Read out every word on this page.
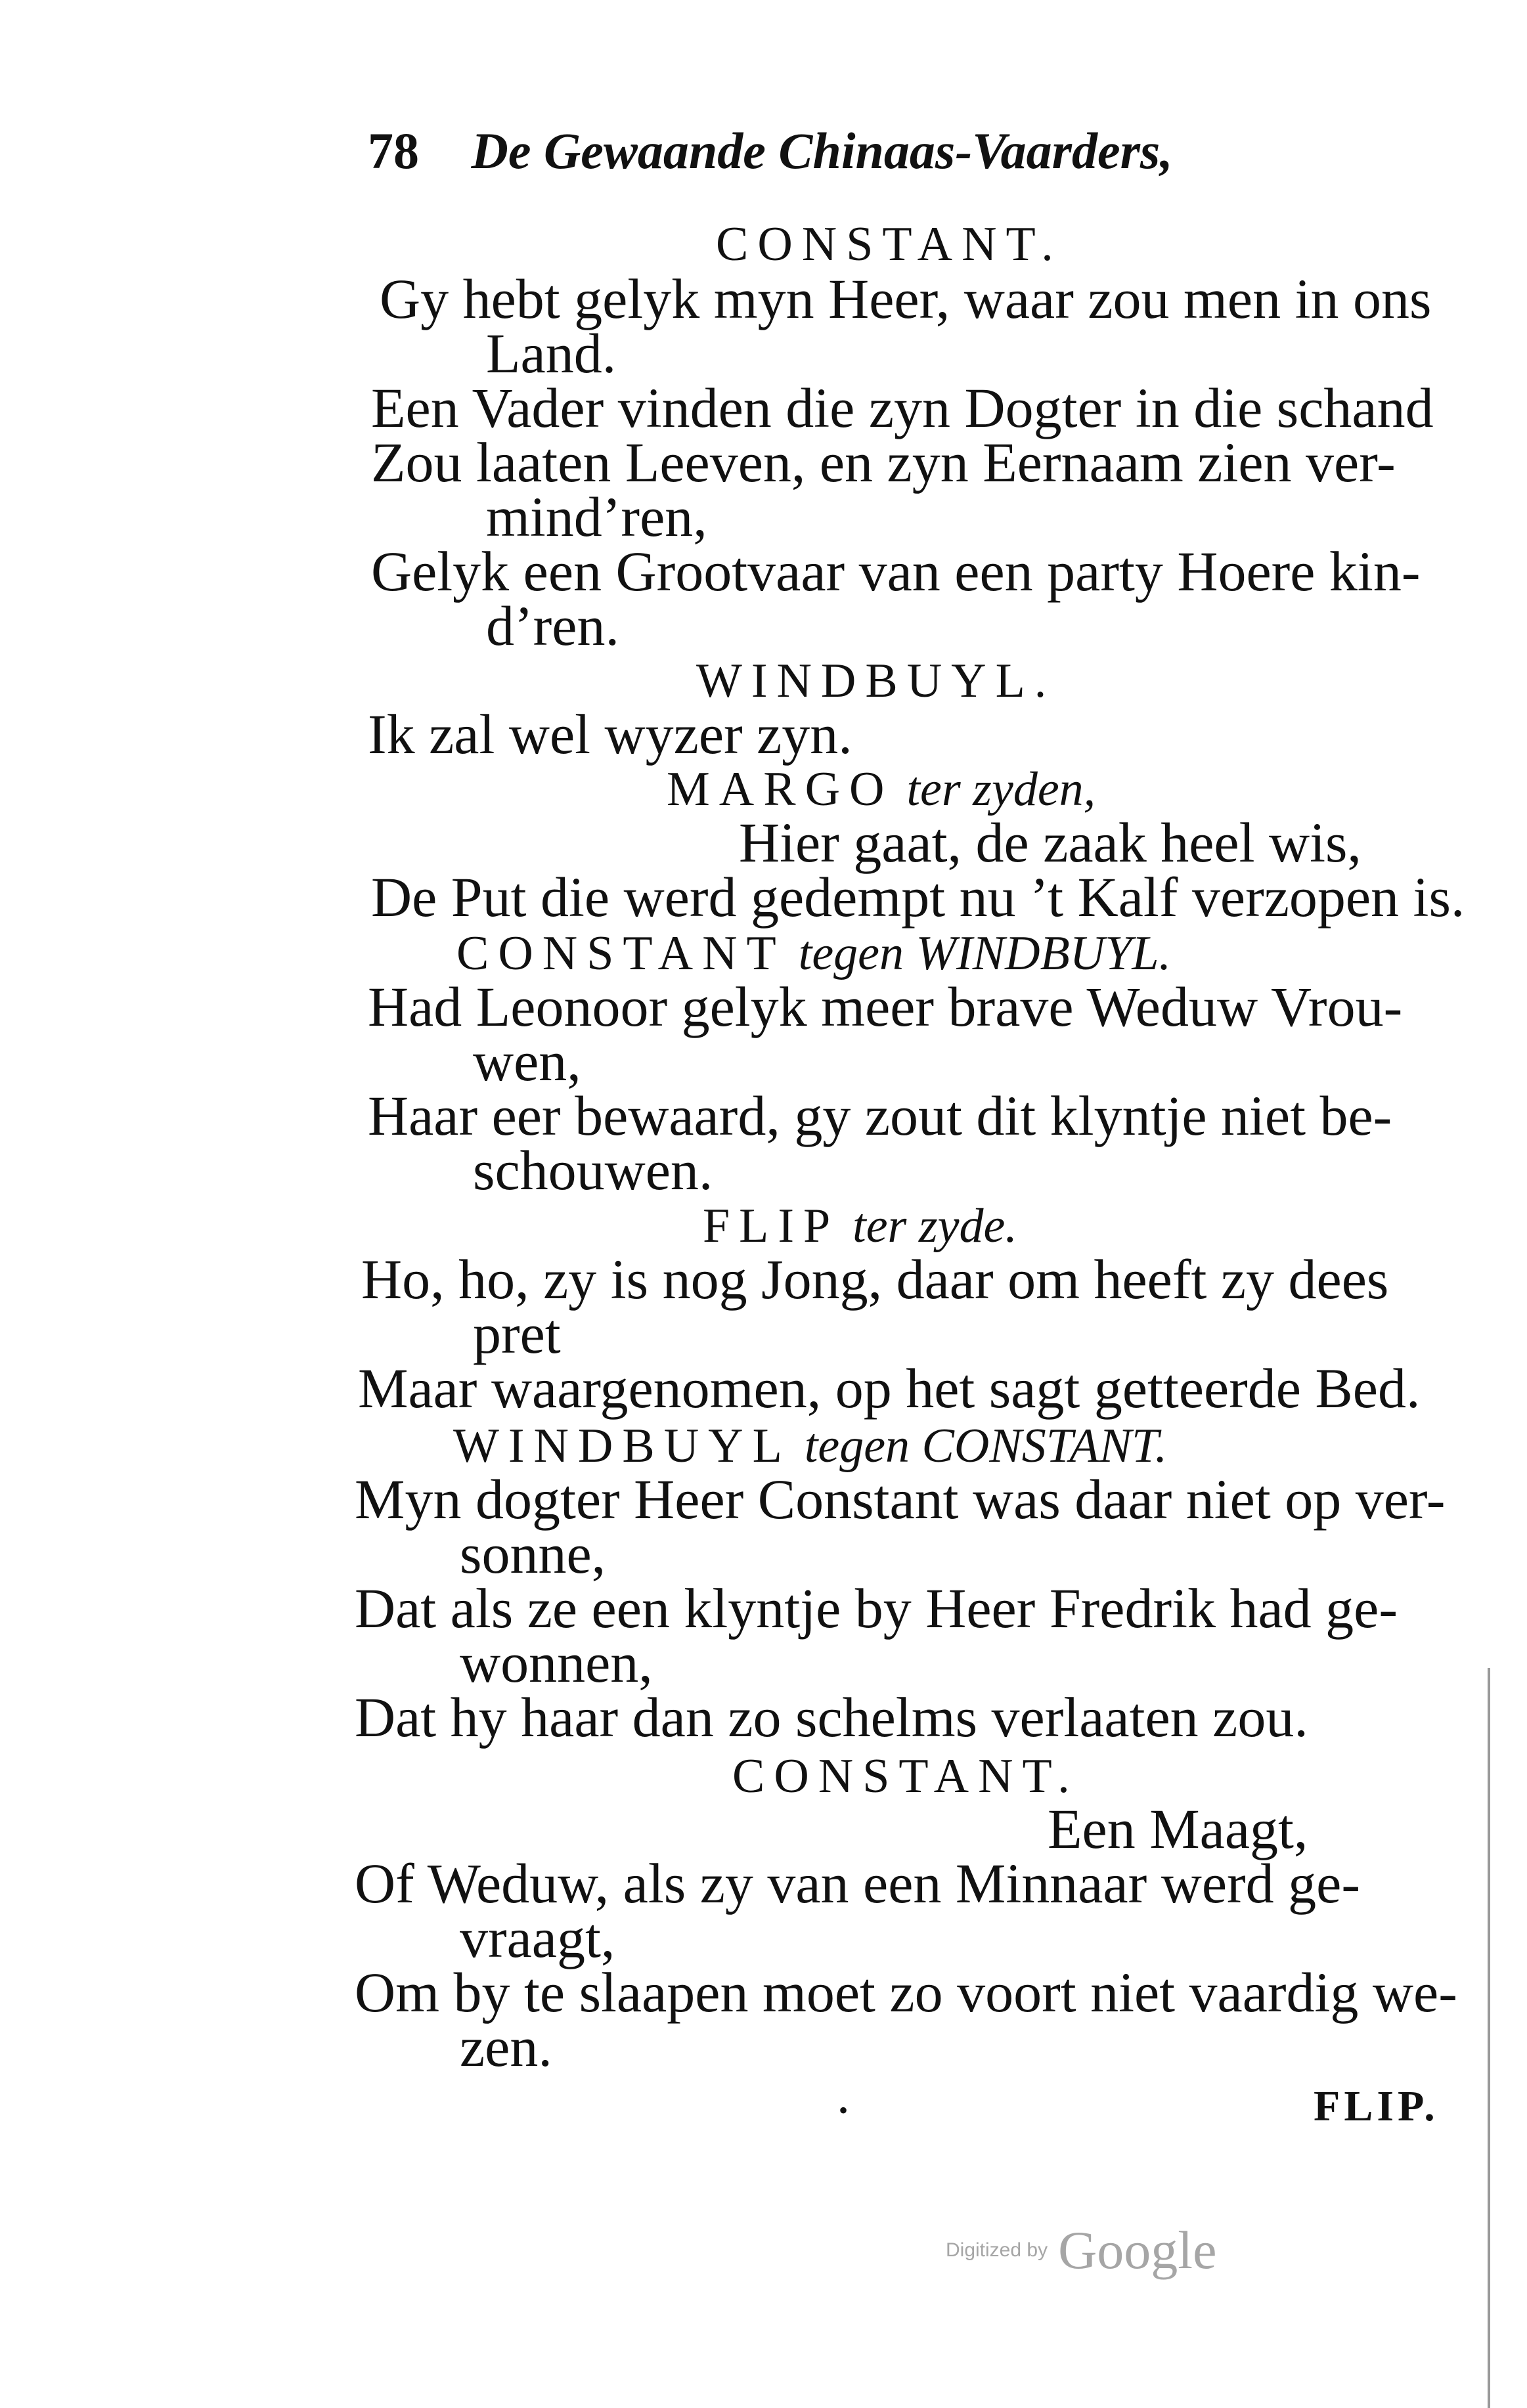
78 De Gewaande Chinaas-Vaarders,
CONSTANT.
Gy hebt gelyk myn Heer, waar zou men in ons
Land.
Een Vader vinden die zyn Dogter in die schand
Zou laaten Leeven, en zyn Eernaam zien ver-
mind’ren,
Gelyk een Grootvaar van een party Hoere kin-
d’ren.
WINDBUYL.
Ik zal wel wyzer zyn.
MARGO ter zyden,
Hier gaat, de zaak heel wis,
De Put die werd gedempt nu ’t Kalf verzopen is.
CONSTANT tegen WINDBUYL.
Had Leonoor gelyk meer brave Weduw Vrou-
wen,
Haar eer bewaard, gy zout dit klyntje niet be-
schouwen.
FLIP ter zyde.
Ho, ho, zy is nog Jong, daar om heeft zy dees
pret
Maar waargenomen, op het sagt getteerde Bed.
WINDBUYL tegen CONSTANT.
Myn dogter Heer Constant was daar niet op ver-
sonne,
Dat als ze een klyntje by Heer Fredrik had ge-
wonnen,
Dat hy haar dan zo schelms verlaaten zou.
CONSTANT.
Een Maagt,
Of Weduw, als zy van een Minnaar werd ge-
vraagt,
Om by te slaapen moet zo voort niet vaardig we-
zen.
•	FLIP.
Digitized by Google
